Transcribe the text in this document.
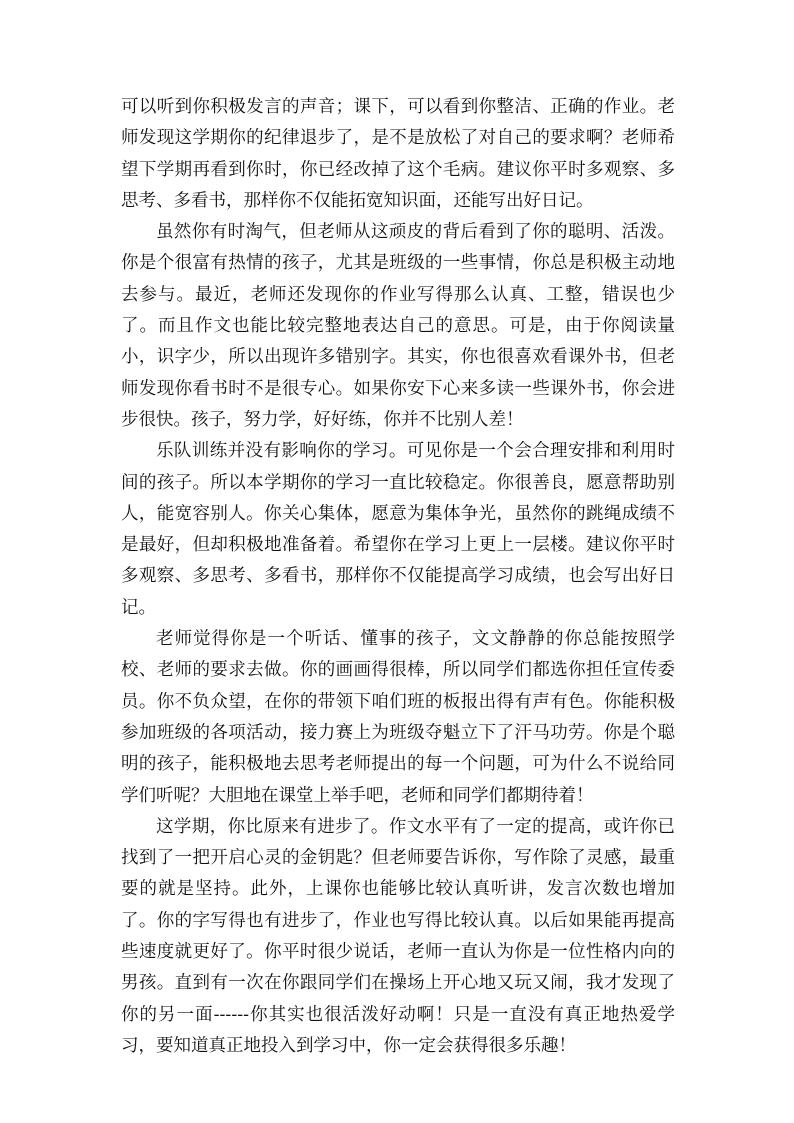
可以听到你积极发言的声音；课下，可以看到你整洁、正确的作业。老师发现这学期你的纪律退步了，是不是放松了对自己的要求啊？老师希望下学期再看到你时，你已经改掉了这个毛病。建议你平时多观察、多思考、多看书，那样你不仅能拓宽知识面，还能写出好日记。

虽然你有时淘气，但老师从这顽皮的背后看到了你的聪明、活泼。你是个很富有热情的孩子，尤其是班级的一些事情，你总是积极主动地去参与。最近，老师还发现你的作业写得那么认真、工整，错误也少了。而且作文也能比较完整地表达自己的意思。可是，由于你阅读量小，识字少，所以出现许多错别字。其实，你也很喜欢看课外书，但老师发现你看书时不是很专心。如果你安下心来多读一些课外书，你会进步很快。孩子，努力学，好好练，你并不比别人差！

乐队训练并没有影响你的学习。可见你是一个会合理安排和利用时间的孩子。所以本学期你的学习一直比较稳定。你很善良，愿意帮助别人，能宽容别人。你关心集体，愿意为集体争光，虽然你的跳绳成绩不是最好，但却积极地准备着。希望你在学习上更上一层楼。建议你平时多观察、多思考、多看书，那样你不仅能提高学习成绩，也会写出好日记。

老师觉得你是一个听话、懂事的孩子，文文静静的你总能按照学校、老师的要求去做。你的画画得很棒，所以同学们都选你担任宣传委员。你不负众望，在你的带领下咱们班的板报出得有声有色。你能积极参加班级的各项活动，接力赛上为班级夺魁立下了汗马功劳。你是个聪明的孩子，能积极地去思考老师提出的每一个问题，可为什么不说给同学们听呢？大胆地在课堂上举手吧，老师和同学们都期待着！

这学期，你比原来有进步了。作文水平有了一定的提高，或许你已找到了一把开启心灵的金钥匙？但老师要告诉你，写作除了灵感，最重要的就是坚持。此外，上课你也能够比较认真听讲，发言次数也增加了。你的字写得也有进步了，作业也写得比较认真。以后如果能再提高些速度就更好了。你平时很少说话，老师一直认为你是一位性格内向的男孩。直到有一次在你跟同学们在操场上开心地又玩又闹，我才发现了你的另一面------你其实也很活泼好动啊！只是一直没有真正地热爱学习，要知道真正地投入到学习中，你一定会获得很多乐趣！
